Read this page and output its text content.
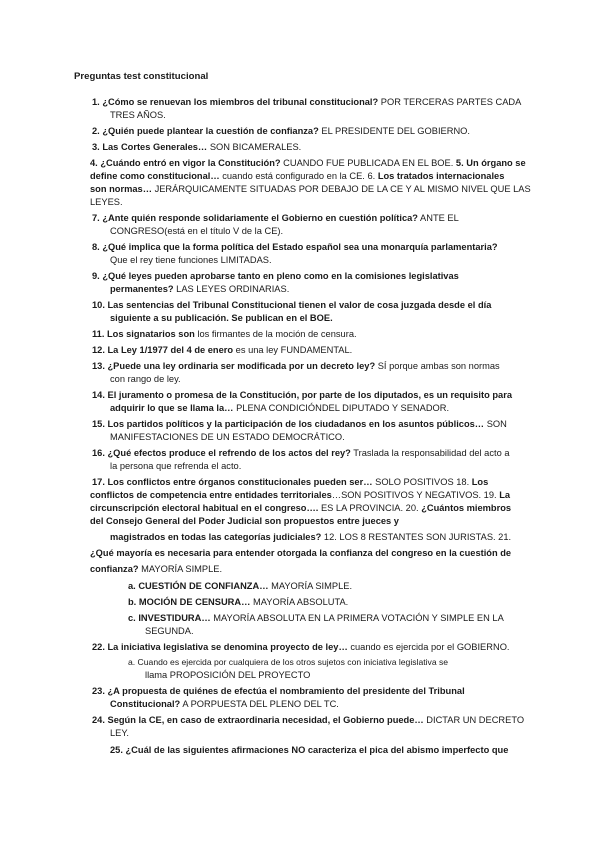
Preguntas test constitucional
1. ¿Cómo se renuevan los miembros del tribunal constitucional? POR TERCERAS PARTES CADA
TRES AÑOS.
2. ¿Quién puede plantear la cuestión de confianza? EL PRESIDENTE DEL GOBIERNO.
3. Las Cortes Generales… SON BICAMERALES.
4. ¿Cuándo entró en vigor la Constitución? CUANDO FUE PUBLICADA EN EL BOE. 5. Un órgano se
define como constitucional… cuando está configurado en la CE. 6. Los tratados internacionales
son normas… JERÁRQUICAMENTE SITUADAS POR DEBAJO DE LA CE Y AL MISMO NIVEL QUE LAS
LEYES.
7. ¿Ante quién responde solidariamente el Gobierno en cuestión política? ANTE EL
CONGRESO(está en el título V de la CE).
8. ¿Qué implica que la forma política del Estado español sea una monarquía parlamentaria?
Que el rey tiene funciones LIMITADAS.
9. ¿Qué leyes pueden aprobarse tanto en pleno como en la comisiones legislativas
permanentes? LAS LEYES ORDINARIAS.
10. Las sentencias del Tribunal Constitucional tienen el valor de cosa juzgada desde el día
siguiente a su publicación. Se publican en el BOE.
11. Los signatarios son los firmantes de la moción de censura.
12. La Ley 1/1977 del 4 de enero es una ley FUNDAMENTAL.
13. ¿Puede una ley ordinaria ser modificada por un decreto ley? SÍ porque ambas son normas
con rango de ley.
14. El juramento o promesa de la Constitución, por parte de los diputados, es un requisito para
adquirir lo que se llama la… PLENA CONDICIÓNDEL DIPUTADO Y SENADOR.
15. Los partidos políticos y la participación de los ciudadanos en los asuntos públicos… SON
MANIFESTACIONES DE UN ESTADO DEMOCRÁTICO.
16. ¿Qué efectos produce el refrendo de los actos del rey? Traslada la responsabilidad del acto a
la persona que refrenda el acto.
17. Los conflictos entre órganos constitucionales pueden ser… SOLO POSITIVOS 18. Los
conflictos de competencia entre entidades territoriales…SON POSITIVOS Y NEGATIVOS. 19. La
circunscripción electoral habitual en el congreso…. ES LA PROVINCIA. 20. ¿Cuántos miembros
del Consejo General del Poder Judicial son propuestos entre jueces y
magistrados en todas las categorías judiciales? 12. LOS 8 RESTANTES SON JURISTAS. 21.
¿Qué mayoría es necesaria para entender otorgada la confianza del congreso en la cuestión de
confianza? MAYORÍA SIMPLE.
a. CUESTIÓN DE CONFIANZA… MAYORÍA SIMPLE.
b. MOCIÓN DE CENSURA… MAYORÍA ABSOLUTA.
c. INVESTIDURA… MAYORÍA ABSOLUTA EN LA PRIMERA VOTACIÓN Y SIMPLE EN LA
SEGUNDA.
22. La iniciativa legislativa se denomina proyecto de ley… cuando es ejercida por el GOBIERNO.
a. Cuando es ejercida por cualquiera de los otros sujetos con iniciativa legislativa se
llama PROPOSICIÓN DEL PROYECTO
23. ¿A propuesta de quiénes de efectúa el nombramiento del presidente del Tribunal
Constitucional? A PORPUESTA DEL PLENO DEL TC.
24. Según la CE, en caso de extraordinaria necesidad, el Gobierno puede… DICTAR UN DECRETO
LEY.
25. ¿Cuál de las siguientes afirmaciones NO caracteriza el pica del abismo imperfecto que
